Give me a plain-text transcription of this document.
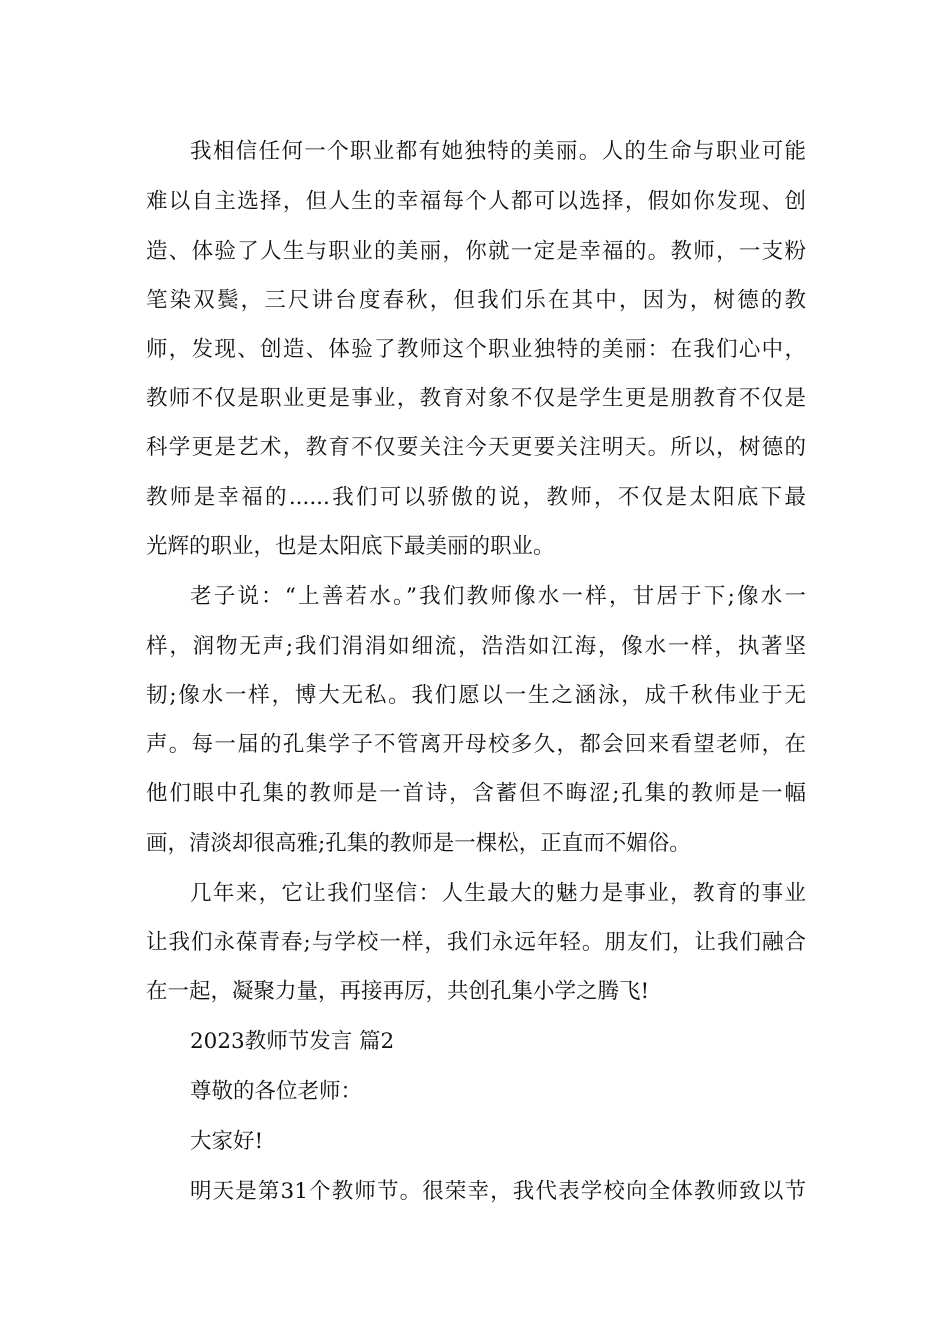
我相信任何一个职业都有她独特的美丽。人的生命与职业可能
难以自主选择，但人生的幸福每个人都可以选择，假如你发现、创
造、体验了人生与职业的美丽，你就一定是幸福的。教师，一支粉
笔染双鬓，三尺讲台度春秋，但我们乐在其中，因为，树德的教
师，发现、创造、体验了教师这个职业独特的美丽：在我们心中，
教师不仅是职业更是事业，教育对象不仅是学生更是朋教育不仅是
科学更是艺术，教育不仅要关注今天更要关注明天。所以，树德的
教师是幸福的......我们可以骄傲的说，教师，不仅是太阳底下最
光辉的职业，也是太阳底下最美丽的职业。
老子说：“上善若水。”我们教师像水一样，甘居于下;像水一
样，润物无声;我们涓涓如细流，浩浩如江海，像水一样，执著坚
韧;像水一样，博大无私。我们愿以一生之涵泳，成千秋伟业于无
声。每一届的孔集学子不管离开母校多久，都会回来看望老师，在
他们眼中孔集的教师是一首诗，含蓄但不晦涩;孔集的教师是一幅
画，清淡却很高雅;孔集的教师是一棵松，正直而不媚俗。
几年来，它让我们坚信：人生最大的魅力是事业，教育的事业
让我们永葆青春;与学校一样，我们永远年轻。朋友们，让我们融合
在一起，凝聚力量，再接再厉，共创孔集小学之腾飞!
2023教师节发言 篇2
尊敬的各位老师：
大家好!
明天是第31个教师节。很荣幸，我代表学校向全体教师致以节
